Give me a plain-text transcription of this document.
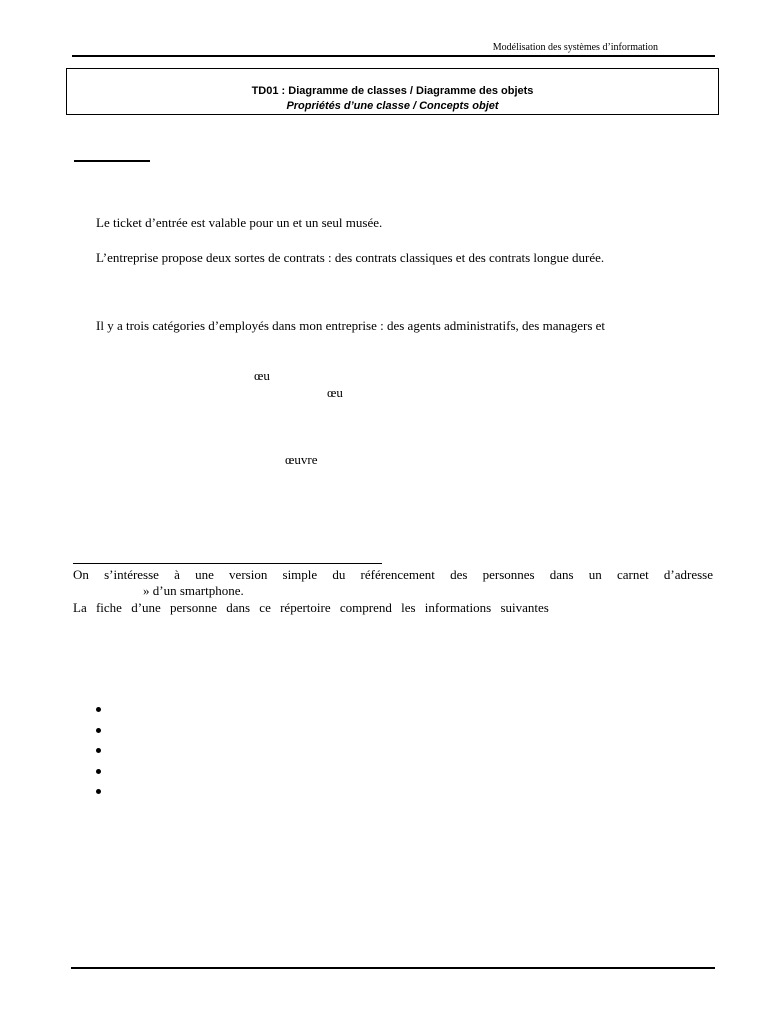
Modélisation des systèmes d’information
TD01 : Diagramme de classes / Diagramme des objets
Propriétés d’une classe / Concepts objet
Le ticket d’entrée est valable pour un et un seul musée.
L’entreprise propose deux sortes de contrats : des contrats classiques et des contrats longue durée.
Il y a trois catégories d’employés dans mon entreprise : des agents administratifs, des managers et
œu
œu
œuvre
On s’intéresse à une version simple du référencement des personnes dans un carnet d’adresse
» d’un smartphone.
La fiche d’une personne dans ce répertoire comprend les informations suivantes
